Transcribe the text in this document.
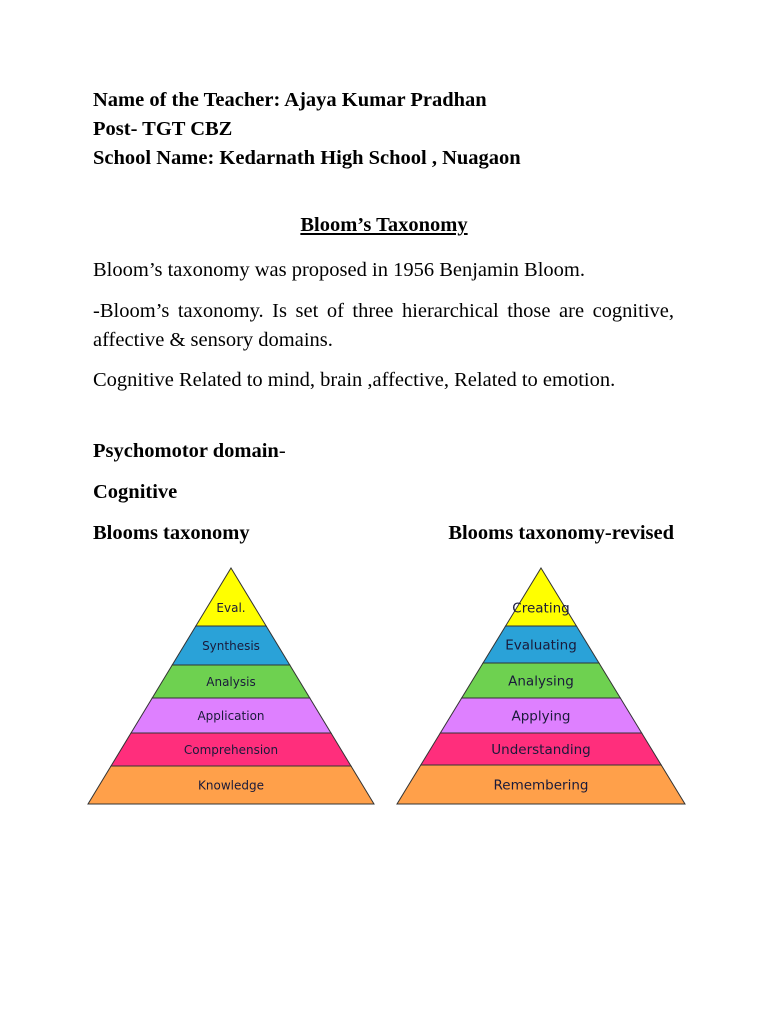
Name of the Teacher: Ajaya Kumar Pradhan
Post- TGT CBZ
School Name: Kedarnath High School , Nuagaon
Bloom’s Taxonomy
Bloom’s taxonomy was proposed in 1956 Benjamin Bloom.
-Bloom’s taxonomy. Is set of three hierarchical those are cognitive, affective & sensory domains.
Cognitive Related to mind, brain ,affective, Related to emotion.
Psychomotor domain-
Cognitive
Blooms taxonomy	Blooms taxonomy-revised
Eval.
Synthesis
Analysis
Application
Comprehension
Knowledge
Creating
Evaluating
Analysing
Applying
Understanding
Remembering
